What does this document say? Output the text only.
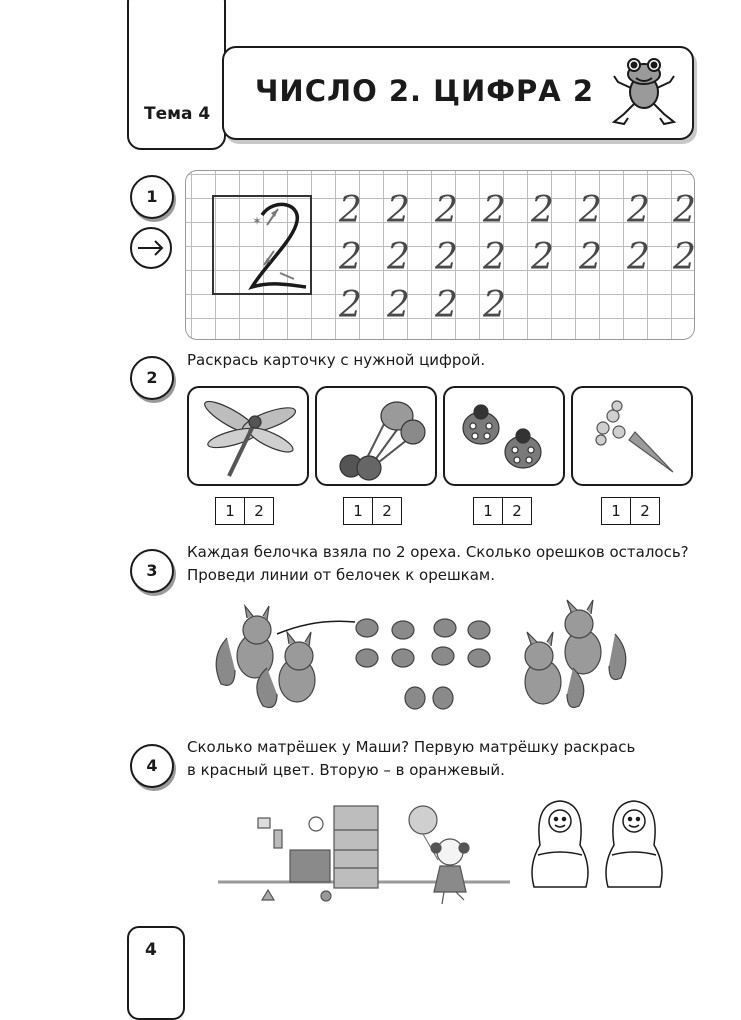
Тема 4
ЧИСЛО 2. ЦИФРА 2
1
✶ 2 2 2 2 2 2 2 2
2 2 2 2 2 2 2 2
2 2 2 2
2
Раскрась карточку с нужной цифрой.
1	2	1	2	1	2	1	2
3
Каждая белочка взяла по 2 ореха. Сколько орешков осталось?
Проведи линии от белочек к орешкам.
4
Сколько матрёшек у Маши? Первую матрёшку раскрась
в красный цвет. Вторую – в оранжевый.
4
